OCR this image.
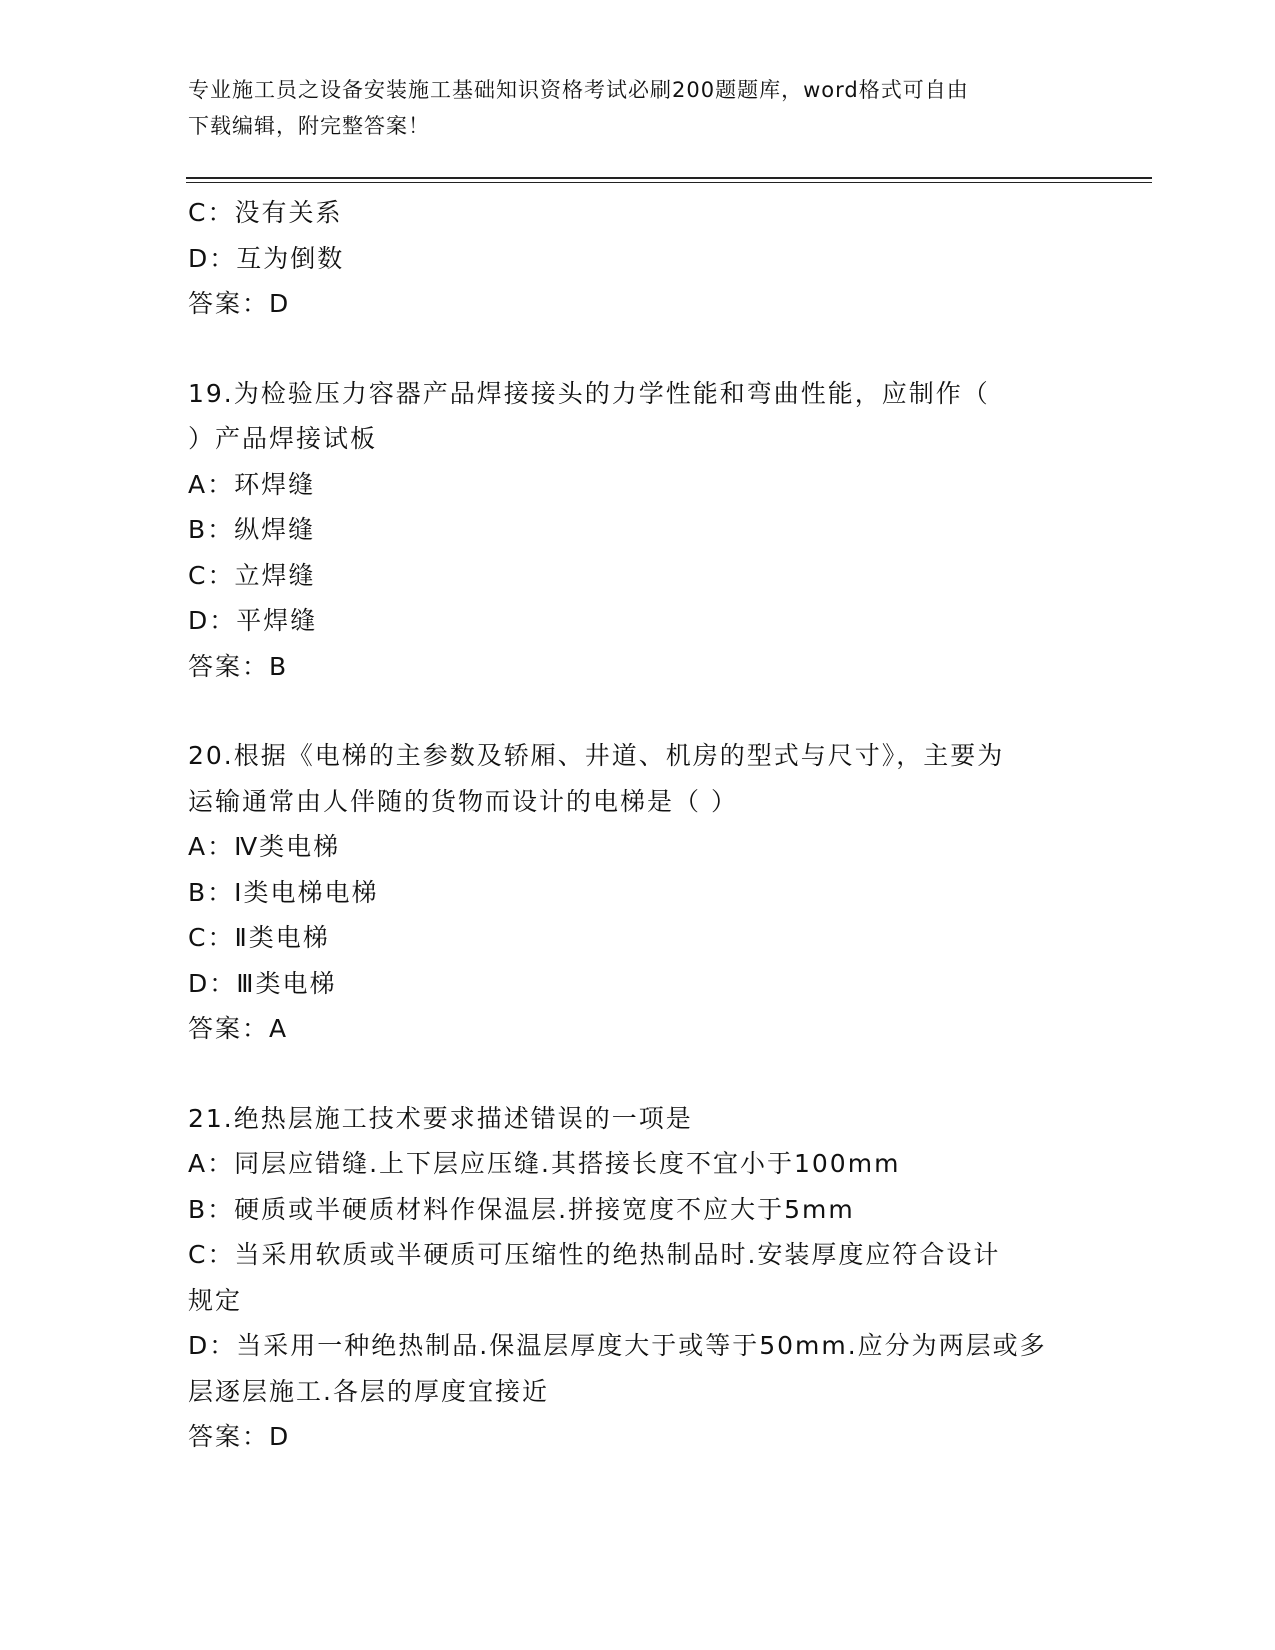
专业施工员之设备安装施工基础知识资格考试必刷200题题库，word格式可自由
下载编辑，附完整答案！
C：没有关系
D：互为倒数
答案：D
19.为检验压力容器产品焊接接头的力学性能和弯曲性能，应制作（
）产品焊接试板
A：环焊缝
B：纵焊缝
C：立焊缝
D：平焊缝
答案：B
20.根据《电梯的主参数及轿厢、井道、机房的型式与尺寸》，主要为
运输通常由人伴随的货物而设计的电梯是（ ）
A：Ⅳ类电梯
B：Ⅰ类电梯电梯
C：Ⅱ类电梯
D：Ⅲ类电梯
答案：A
21.绝热层施工技术要求描述错误的一项是
A：同层应错缝.上下层应压缝.其搭接长度不宜小于100mm
B：硬质或半硬质材料作保温层.拼接宽度不应大于5mm
C：当采用软质或半硬质可压缩性的绝热制品时.安装厚度应符合设计
规定
D：当采用一种绝热制品.保温层厚度大于或等于50mm.应分为两层或多
层逐层施工.各层的厚度宜接近
答案：D
